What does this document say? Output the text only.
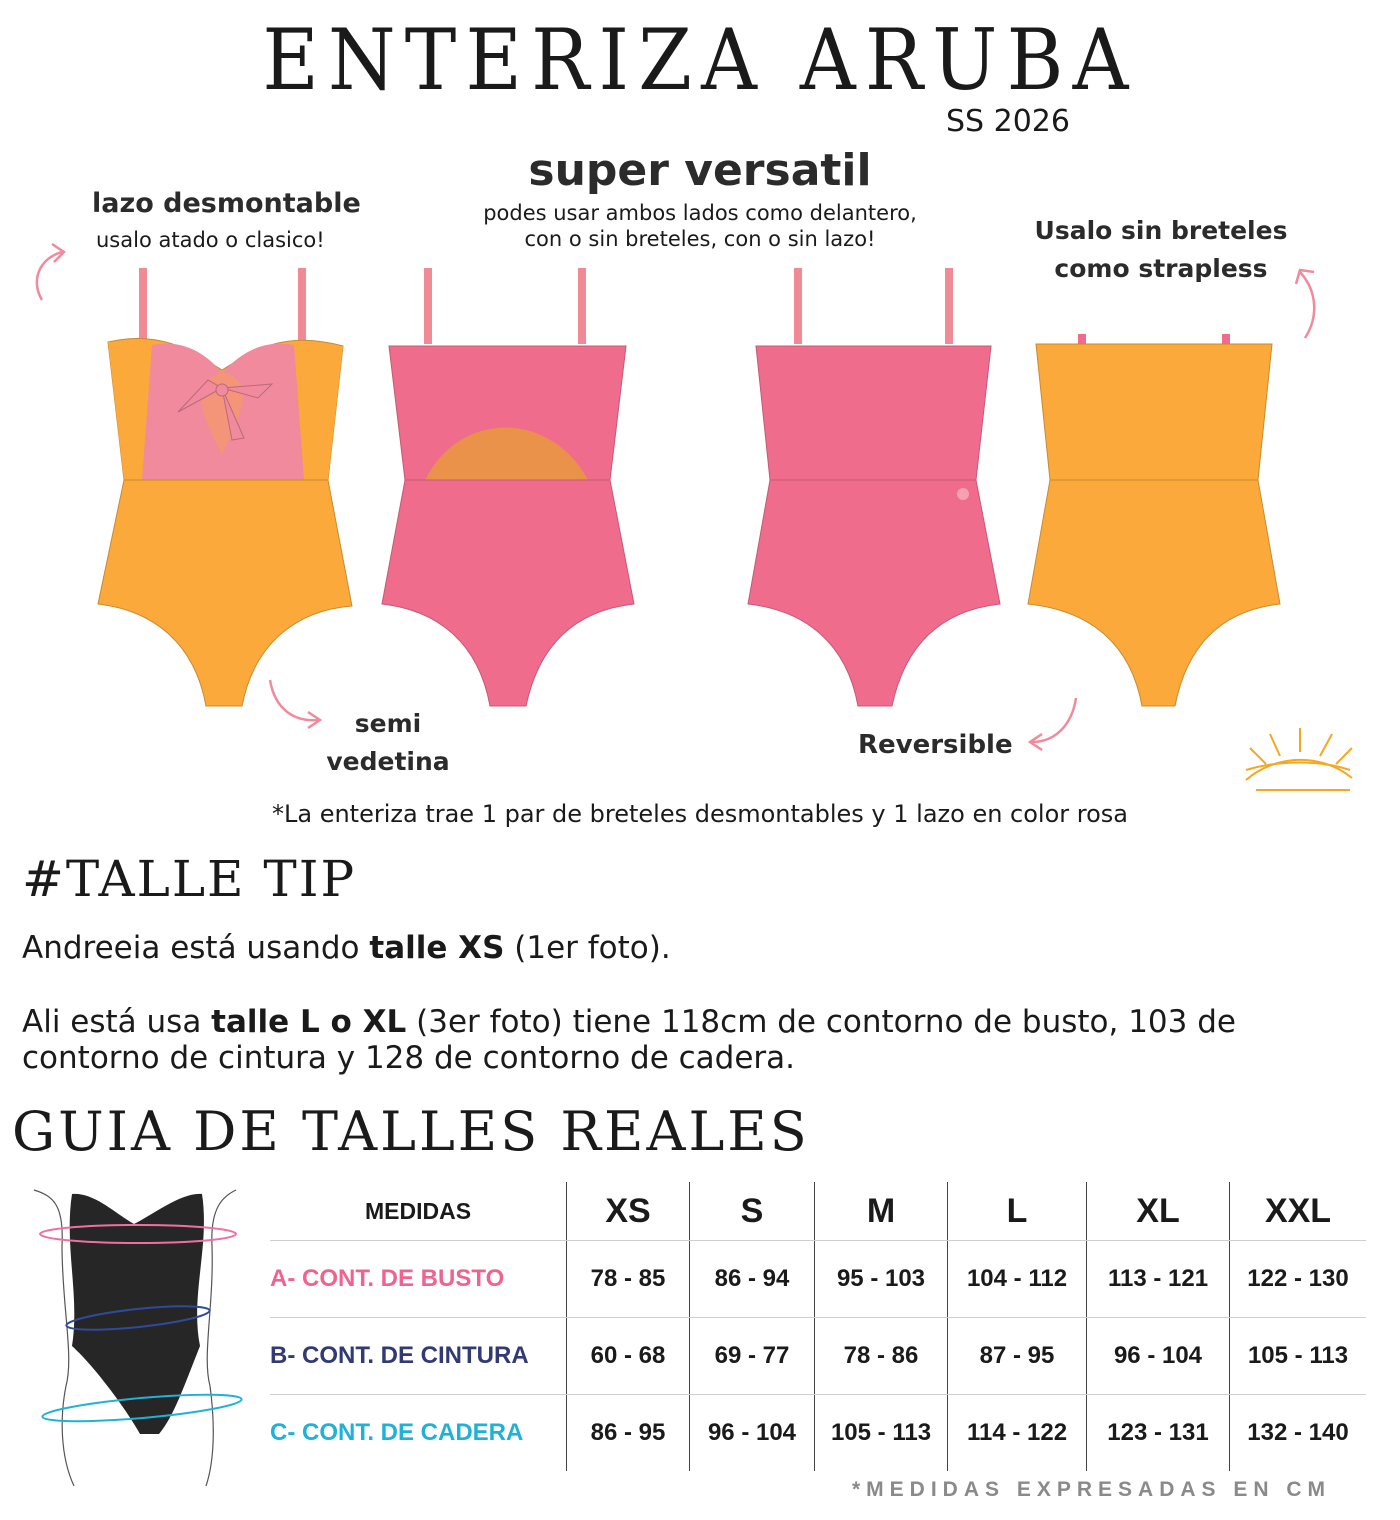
ENTERIZA ARUBA
SS 2026
super versatil
podes usar ambos lados como delantero,
con o sin breteles, con o sin lazo!
lazo desmontable
usalo atado o clasico!	Usalo sin breteles
como strapless
semi
vedetina
Reversible
*La enteriza trae 1 par de breteles desmontables y 1 lazo en color rosa
#TALLE TIP
Andreeia está usando talle XS (1er foto).
Ali está usa talle L o XL (3er foto) tiene 118cm de contorno de busto, 103 de contorno de cintura y 128 de contorno de cadera.
GUIA DE TALLES REALES
MEDIDAS	XS	S	M	L	XL	XXL
A- CONT. DE BUSTO	78 - 85	86 - 94	95 - 103	104 - 112	113 - 121	122 - 130
B- CONT. DE CINTURA	60 - 68	69 - 77	78 - 86	87 - 95	96 - 104	105 - 113
C- CONT. DE CADERA	86 - 95	96 - 104	105 - 113	114 - 122	123 - 131	132 - 140
*MEDIDAS EXPRESADAS EN CM
